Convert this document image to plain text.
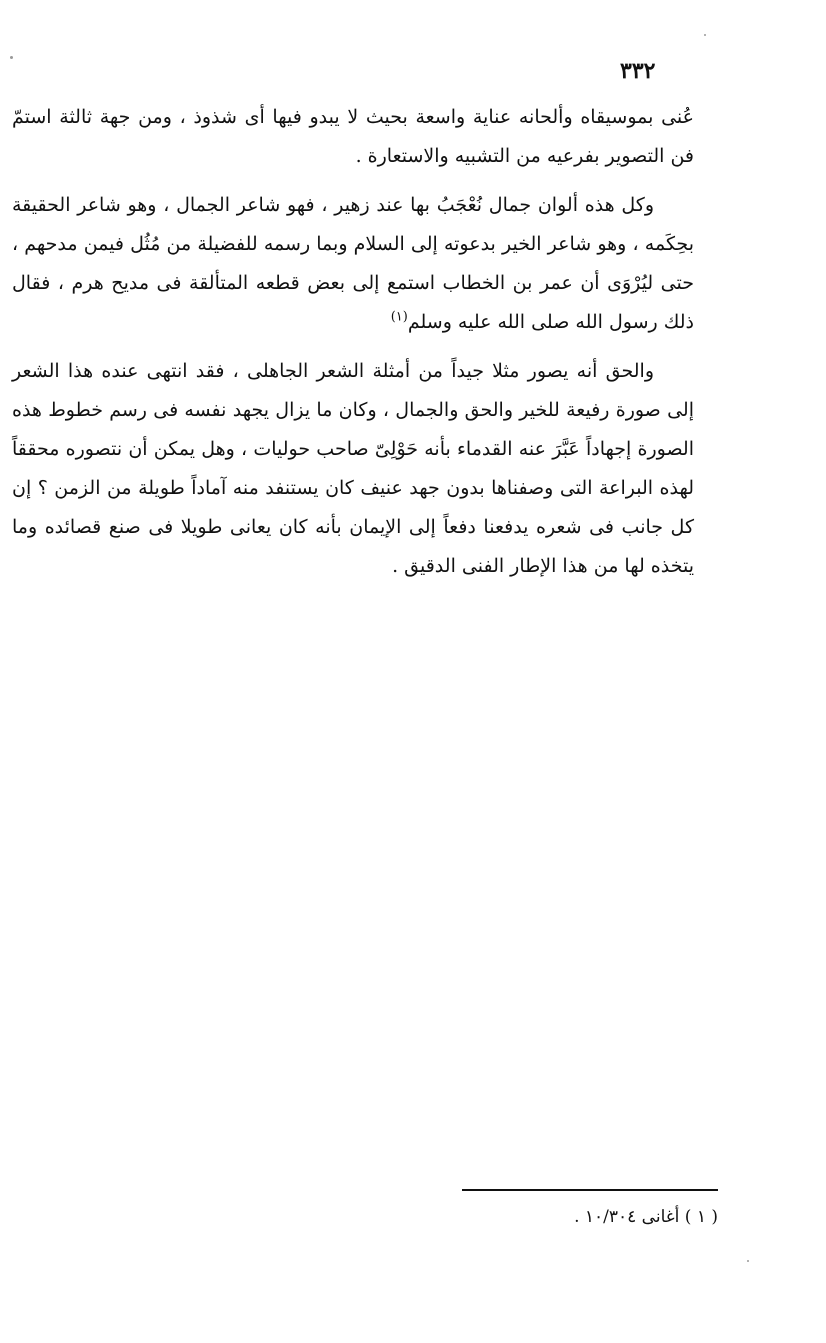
٣٣٢

عُنى بموسيقاه وألحانه عناية واسعة بحيث لا يبدو فيها أى شذوذ ، ومن جهة ثالثة استمّ فن التصوير بفرعيه من التشبيه والاستعارة .

وكل هذه ألوان جمال نُعْجَبُ بها عند زهير ، فهو شاعر الجمال ، وهو شاعر الحقيقة بحِكَمه ، وهو شاعر الخير بدعوته إلى السلام وبما رسمه للفضيلة من مُثُل فيمن مدحهم ، حتى ليُرْوَى أن عمر بن الخطاب استمع إلى بعض قطعه المتألقة فى مديح هرم ، فقال ذلك رسول الله صلى الله عليه وسلم$^{(١)}$

والحق أنه يصور مثلا جيداً من أمثلة الشعر الجاهلى ، فقد انتهى عنده هذا الشعر إلى صورة رفيعة للخير والحق والجمال ، وكان ما يزال يجهد نفسه فى رسم خطوط هذه الصورة إجهاداً عَبَّرَ عنه القدماء بأنه حَوْلِىّ صاحب حوليات ، وهل يمكن أن نتصوره محققاً لهذه البراعة التى وصفناها بدون جهد عنيف كان يستنفد منه آماداً طويلة من الزمن ؟ إن كل جانب فى شعره يدفعنا دفعاً إلى الإيمان بأنه كان يعانى طويلا فى صنع قصائده وما يتخذه لها من هذا الإطار الفنى الدقيق .

( ١ ) أغانى ١٠/٣٠٤ .
